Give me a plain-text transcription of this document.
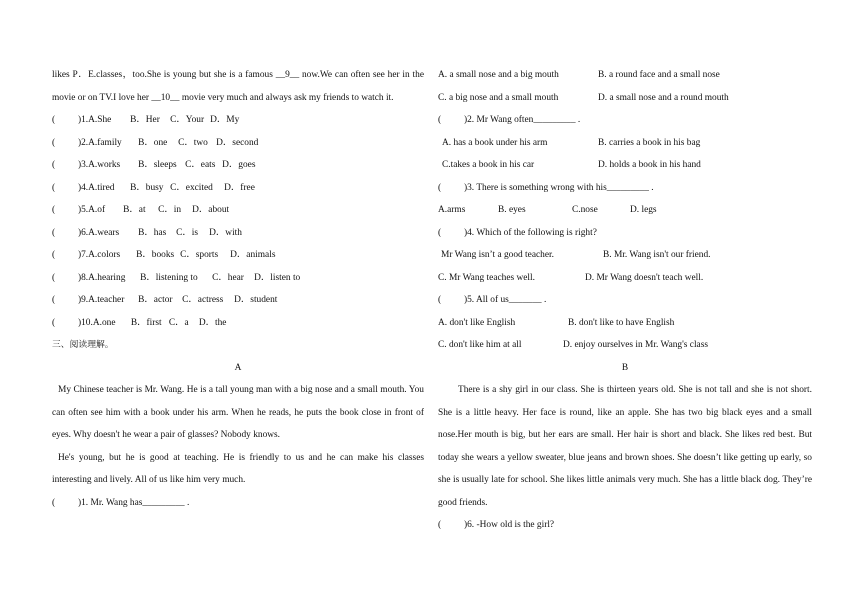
likes P．E.classes，too.She is young but she is a famous __9__ now.We can often see her in the movie or on TV.I love her __10__ movie very much and always ask my friends to watch it.
( )1.A.She B．Her C．Your D．My
( )2.A.family B．one C．two D．second
( )3.A.works B．sleeps C．eats D．goes
( )4.A.tired B．busy C．excited D．free
( )5.A.of B．at C．in D．about
( )6.A.wears B．has C．is D．with
( )7.A.colors B．books C．sports D．animals
( )8.A.hearing B．listening to C．hear D．listen to
( )9.A.teacher B．actor C．actress D．student
( )10.A.one B．first C．a D．the
三、阅读理解。
A
My Chinese teacher is Mr. Wang. He is a tall young man with a big nose and a small mouth. You can often see him with a book under his arm. When he reads, he puts the book close in front of eyes. Why doesn't he wear a pair of glasses? Nobody knows.
He's young, but he is good at teaching. He is friendly to us and he can make his classes interesting and lively. All of us like him very much.
( )1. Mr. Wang has_________ .
A. a small nose and a big mouth	B. a round face and a small nose
C. a big nose and a small mouth	D. a small nose and a round mouth
( )2. Mr Wang often_________ .
A. has a book under his arm	B. carries a book in his bag
C.takes a book in his car	D. holds a book in his hand
( )3. There is something wrong with his_________ .
A.arms	B. eyes	C.nose	D. legs
( )4. Which of the following is right?
Mr Wang isn’t a good teacher.	B. Mr. Wang isn't our friend.
C. Mr Wang teaches well.	D. Mr Wang doesn't teach well.
( )5. All of us_______ .
A. don't like English	B. don't like to have English
C. don't like him at all	D. enjoy ourselves in Mr. Wang's class
B
There is a shy girl in our class. She is thirteen years old. She is not tall and she is not short. She is a little heavy. Her face is round, like an apple. She has two big black eyes and a small nose.Her mouth is big, but her ears are small. Her hair is short and black. She likes red best. But today she wears a yellow sweater, blue jeans and brown shoes. She doesn’t like getting up early, so she is usually late for school. She likes little animals very much. She has a little black dog. They’re good friends.
( )6. -How old is the girl?
